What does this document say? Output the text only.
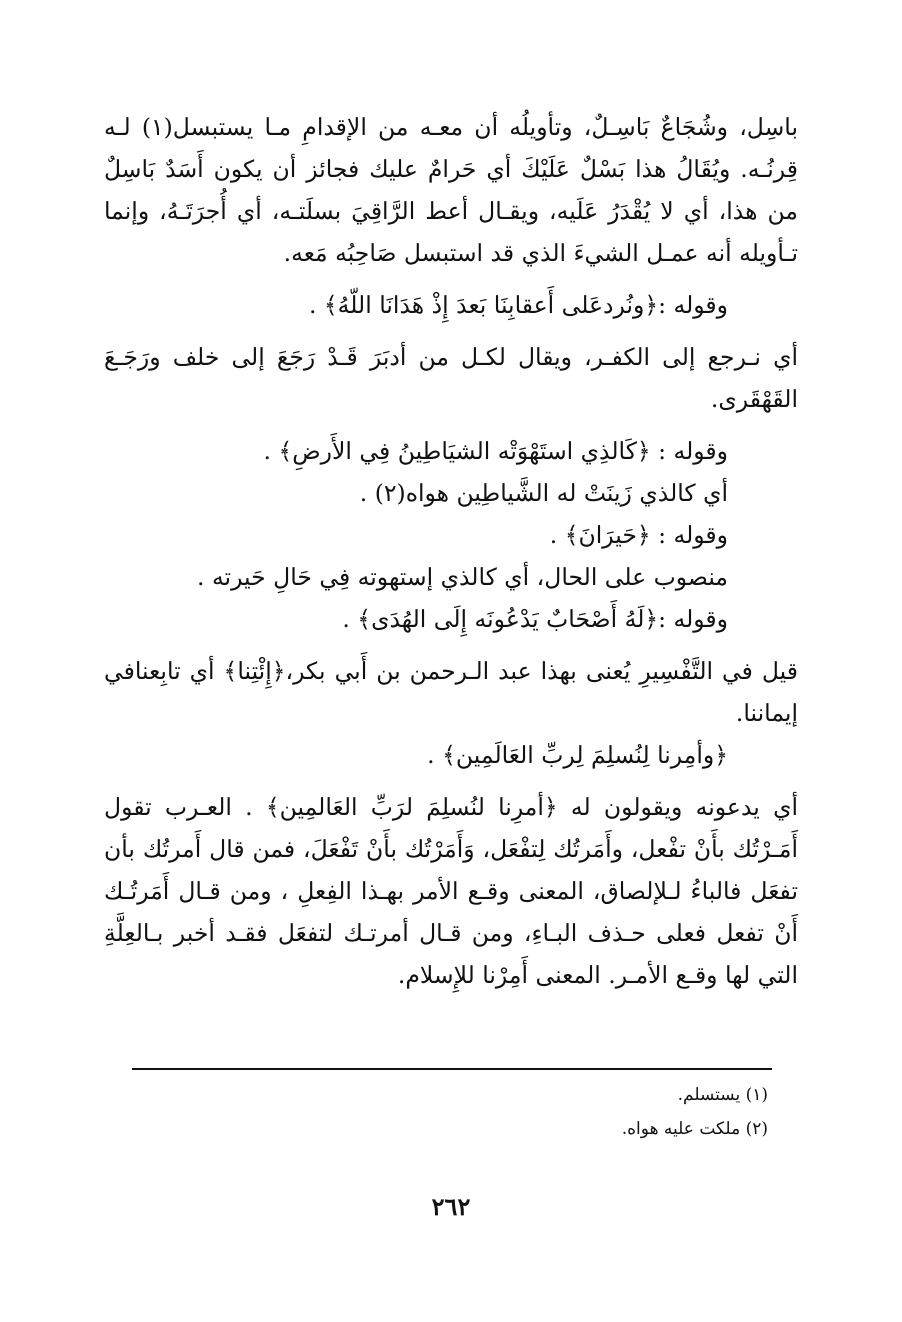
باسِل، وشُجَاعٌ بَاسِـلٌ، وتأويلُه أن معـه من الإقدامِ مـا يستبسل(١) لـه قِرنُـه. ويُقَالُ هذا بَسْلٌ عَلَيْكَ أي حَرامٌ عليك فجائز أن يكون أَسَدٌ بَاسِلٌ من هذا، أي لا يُقْدَرُ عَلَيه، ويقـال أعط الرَّاقِيَ بسلَتـه، أي أُجرَتَـهُ، وإنما تـأويله أنه عمـل الشيءَ الذي قد استبسل صَاحِبُه مَعه.

وقوله :﴿ونُردعَلى أَعقابِنَا بَعدَ إِذْ هَدَانَا اللّهُ﴾ .

أي نـرجع إلى الكفـر، ويقال لكـل من أدبَرَ قَـدْ رَجَعَ إلى خلف ورَجَـعَ القَهْقَرى.

وقوله : ﴿كَالذِي استَهْوَتْه الشيَاطِينُ فِي الأَرضِ﴾ .

أي كالذي زَينَتْ له الشَّياطِين هواه(٢) .

وقوله : ﴿حَيرَانَ﴾ .

منصوب على الحال، أي كالذي إستهوته فِي حَالِ حَيرته .

وقوله :﴿لَهُ أَصْحَابٌ يَدْعُونَه إِلَى الهُدَى﴾ .

قيل في التَّفْسِيرِ يُعنى بهذا عبد الـرحمن بن أَبي بكر،﴿إِئْتِنا﴾ أي تابِعنافي إيماننا.

﴿وأمِرنا لِنُسلِمَ لِربِّ العَالَمِين﴾ .

أي يدعونه ويقولون له ﴿أمرِنا لنُسلِمَ لرَبِّ العَالمِين﴾ . العـرب تقول أَمَـرْتُك بأَنْ تفْعل، وأَمَرتُك لِتفْعَل، وَأَمَرْتُك بأَنْ تَفْعَلَ، فمن قال أَمرتُك بأن تفعَل فالباءُ لـلإلصاق، المعنى وقـع الأمر بهـذا الفِعلِ ، ومن قـال أَمَرتُـك أَنْ تفعل فعلى حـذف البـاءِ، ومن قـال أمرتـك لتفعَل فقـد أخبر بـالعِلَّةِ التي لها وقـع الأمـر. المعنى أَمِرْنا للإِسلام.

(١) يستسلم.
(٢) ملكت عليه هواه.
٢٦٢
